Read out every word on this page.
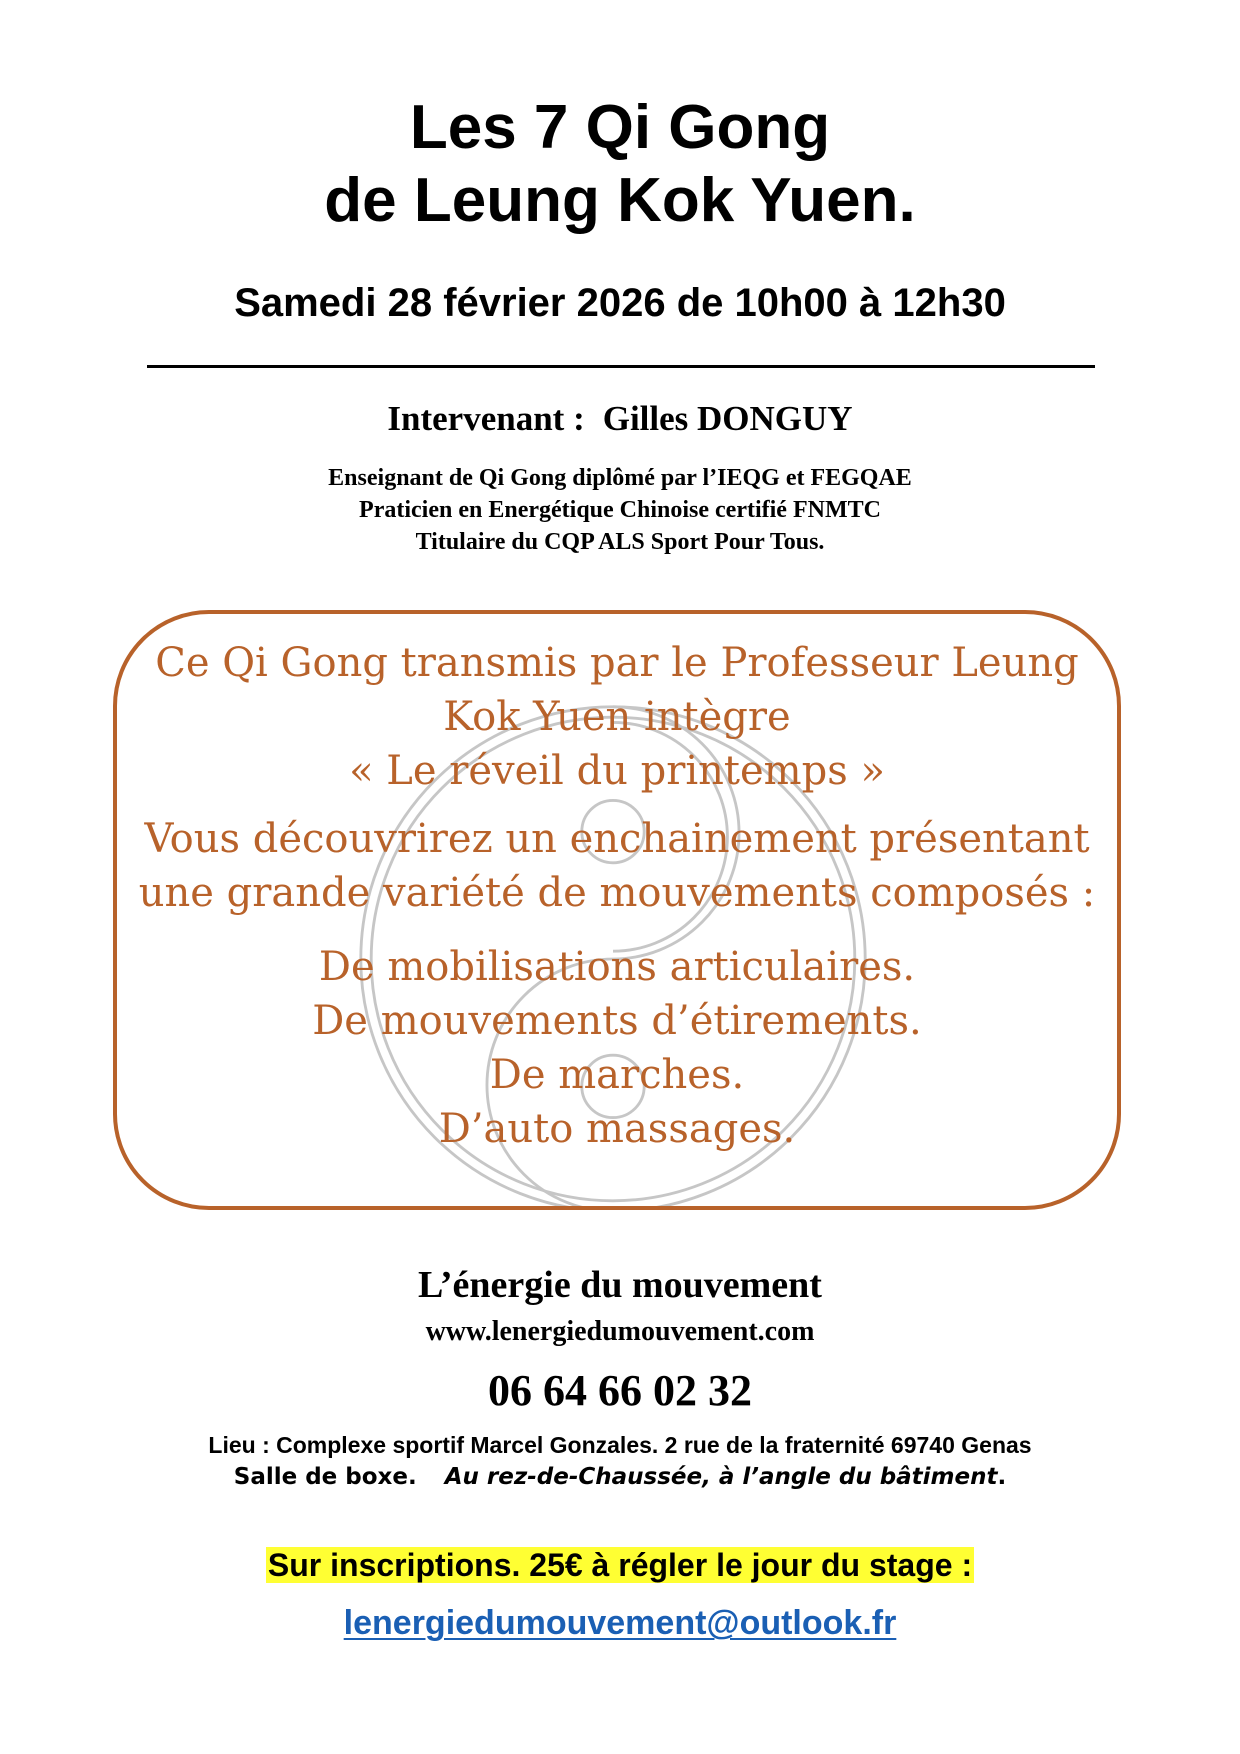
Les 7 Qi Gong
de Leung Kok Yuen.
Samedi 28 février 2026 de 10h00 à 12h30
Intervenant : Gilles DONGUY
Enseignant de Qi Gong diplômé par l’IEQG et FEGQAE
Praticien en Energétique Chinoise certifié FNMTC
Titulaire du CQP ALS Sport Pour Tous.
Ce Qi Gong transmis par le Professeur Leung
Kok Yuen intègre
« Le réveil du printemps »
Vous découvrirez un enchainement présentant
une grande variété de mouvements composés :
De mobilisations articulaires.
De mouvements d’étirements.
De marches.
D’auto massages.
L’énergie du mouvement
www.lenergiedumouvement.com
06 64 66 02 32
Lieu : Complexe sportif Marcel Gonzales. 2 rue de la fraternité 69740 Genas
Salle de boxe. Au rez-de-Chaussée, à l’angle du bâtiment.
Sur inscriptions. 25€ à régler le jour du stage :
lenergiedumouvement@outlook.fr
